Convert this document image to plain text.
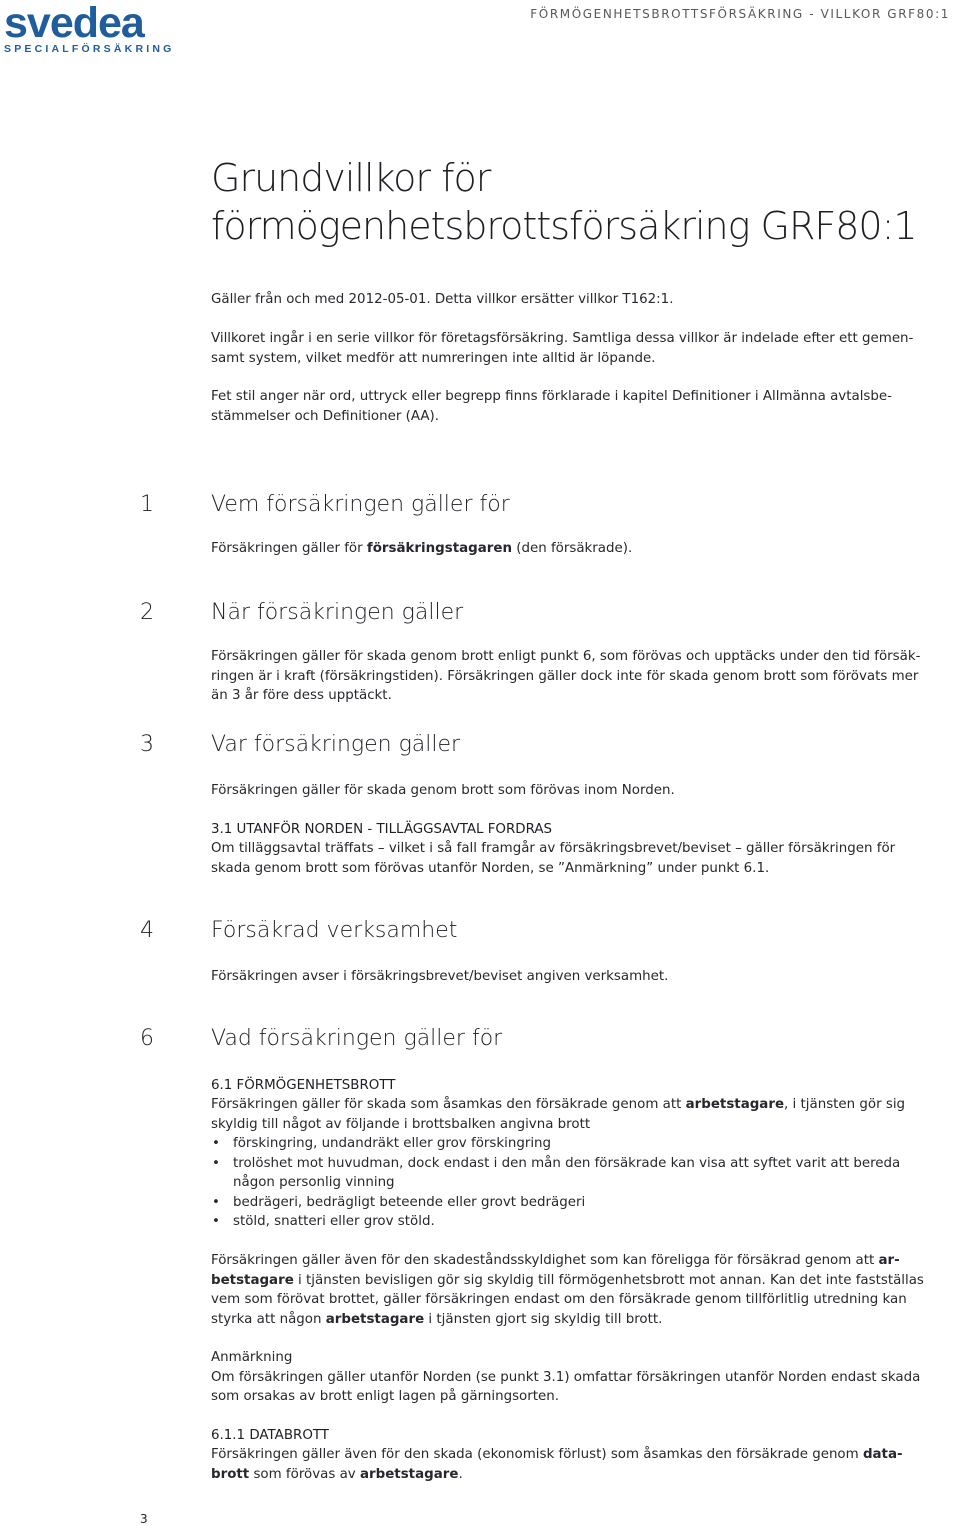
svedea
SPECIALFÖRSÄKRING
FÖRMÖGENHETSBROTTSFÖRSÄKRING - VILLKOR GRF80:1
Grundvillkor för
förmögenhetsbrottsförsäkring GRF80:1

Gäller från och med 2012-05-01. Detta villkor ersätter villkor T162:1.

Villkoret ingår i en serie villkor för företagsförsäkring. Samtliga dessa villkor är indelade efter ett gemen-
samt system, vilket medför att numreringen inte alltid är löpande.

Fet stil anger när ord, uttryck eller begrepp finns förklarade i kapitel Definitioner i Allmänna avtalsbe-
stämmelser och Definitioner (AA).

1	Vem försäkringen gäller för

Försäkringen gäller för försäkringstagaren (den försäkrade).

2	När försäkringen gäller

Försäkringen gäller för skada genom brott enligt punkt 6, som förövas och upptäcks under den tid försäk-
ringen är i kraft (försäkringstiden). Försäkringen gäller dock inte för skada genom brott som förövats mer
än 3 år före dess upptäckt.

3	Var försäkringen gäller

Försäkringen gäller för skada genom brott som förövas inom Norden.

3.1 UTANFÖR NORDEN - TILLÄGGSAVTAL FORDRAS

Om tilläggsavtal träffats – vilket i så fall framgår av försäkringsbrevet/beviset – gäller försäkringen för
skada genom brott som förövas utanför Norden, se ”Anmärkning” under punkt 6.1.

4	Försäkrad verksamhet

Försäkringen avser i försäkringsbrevet/beviset angiven verksamhet.

6	Vad försäkringen gäller för
6.1 FÖRMÖGENHETSBROTT

Försäkringen gäller för skada som åsamkas den försäkrade genom att arbetstagare, i tjänsten gör sig
skyldig till något av följande i brottsbalken angivna brott

• förskingring, undandräkt eller grov förskingring
• trolöshet mot huvudman, dock endast i den mån den försäkrade kan visa att syftet varit att bereda
någon personlig vinning
• bedrägeri, bedrägligt beteende eller grovt bedrägeri
• stöld, snatteri eller grov stöld.

Försäkringen gäller även för den skadeståndsskyldighet som kan föreligga för försäkrad genom att ar-
betstagare i tjänsten bevisligen gör sig skyldig till förmögenhetsbrott mot annan. Kan det inte fastställas
vem som förövat brottet, gäller försäkringen endast om den försäkrade genom tillförlitlig utredning kan
styrka att någon arbetstagare i tjänsten gjort sig skyldig till brott.

Anmärkning
Om försäkringen gäller utanför Norden (se punkt 3.1) omfattar försäkringen utanför Norden endast skada
som orsakas av brott enligt lagen på gärningsorten.

6.1.1 DATABROTT

Försäkringen gäller även för den skada (ekonomisk förlust) som åsamkas den försäkrade genom data-
brott som förövas av arbetstagare.

3
